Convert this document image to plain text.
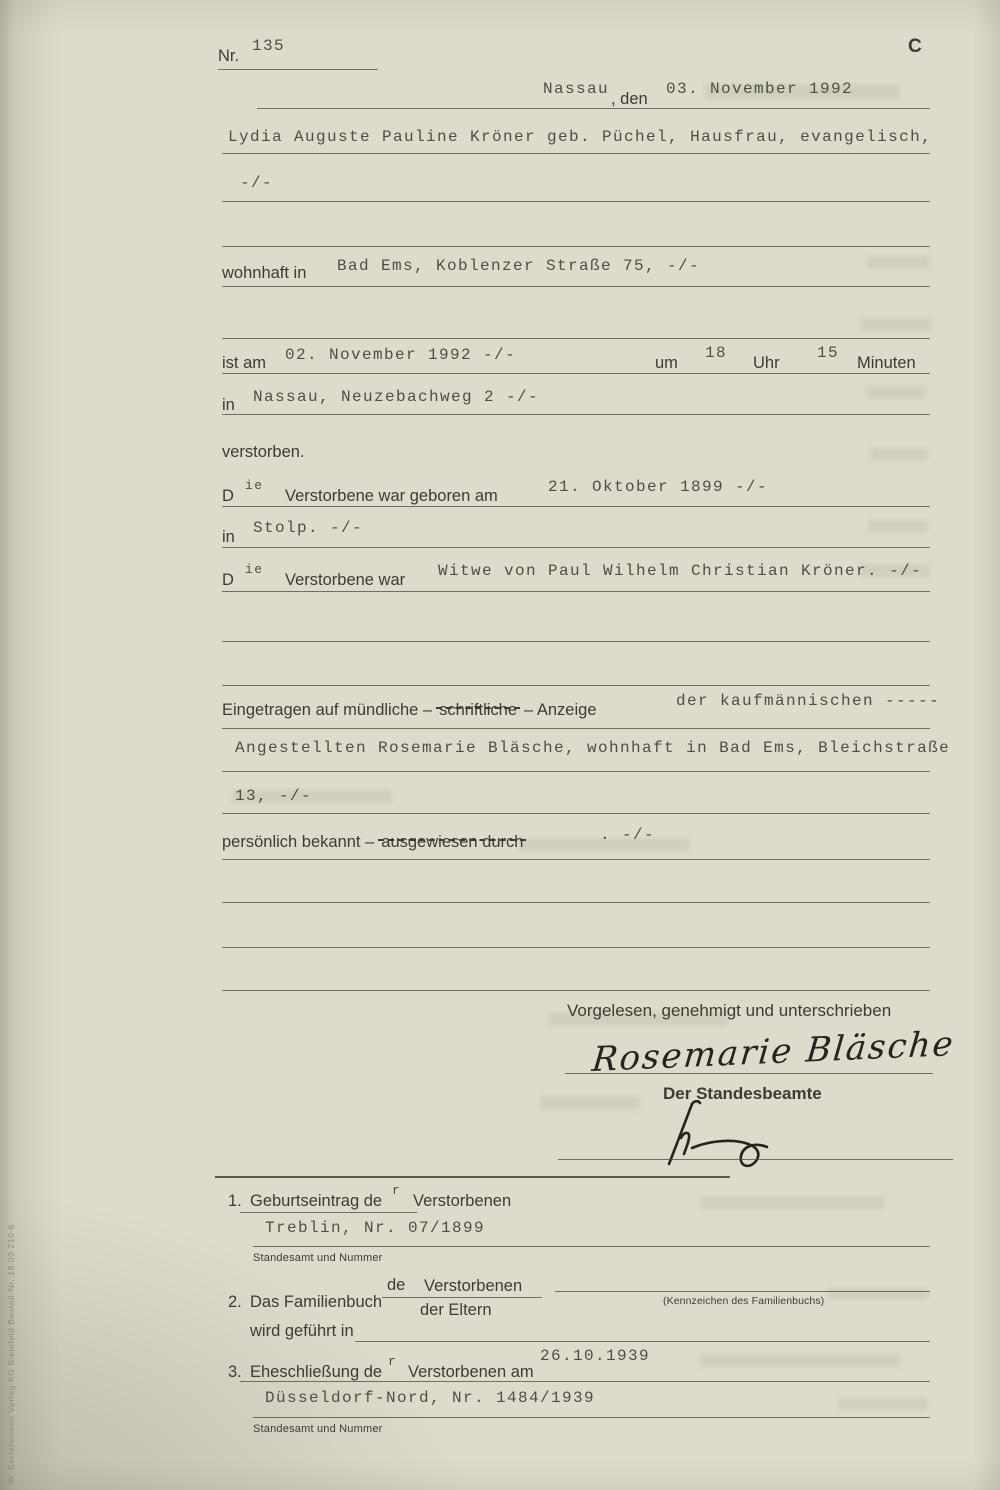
Nr.
135	C
Nassau
, den
03. November 1992
Lydia Auguste Pauline Kröner geb. Püchel, Hausfrau, evangelisch,
-/-
wohnhaft in Bad Ems, Koblenzer Straße 75, -/-
ist am 02. November 1992 -/-	um
18
Uhr
15
Minuten
in Nassau, Neuzebachweg 2 -/-
verstorben.
D
ie
Verstorbene war geboren am	21. Oktober 1899 -/-
in Stolp. -/-
D
ie
Verstorbene war Witwe von Paul Wilhelm Christian Kröner. -/-
Eingetragen auf mündliche – schriftliche – Anzeige	der kaufmännischen -----
Angestellten Rosemarie Bläsche, wohnhaft in Bad Ems, Bleichstraße
13, -/-
persönlich bekannt – ausgewiesen durch	. -/-
Vorgelesen, genehmigt und unterschrieben
Rosemarie Bläsche
Der Standesbeamte
1. Geburtseintrag de
r
Verstorbenen
Treblin, Nr. 07/1899
Standesamt und Nummer
2. Das Familienbuch
de Verstorbenen
der Eltern	(Kennzeichen des Familienbuchs)
wird geführt in
3. Eheschließung de
r
Verstorbenen am
26.10.1939
Düsseldorf-Nord, Nr. 1484/1939
Standesamt und Nummer
W. Bertelsmann Verlag KG Bielefeld Bestell-Nr. 18 00 210 6
